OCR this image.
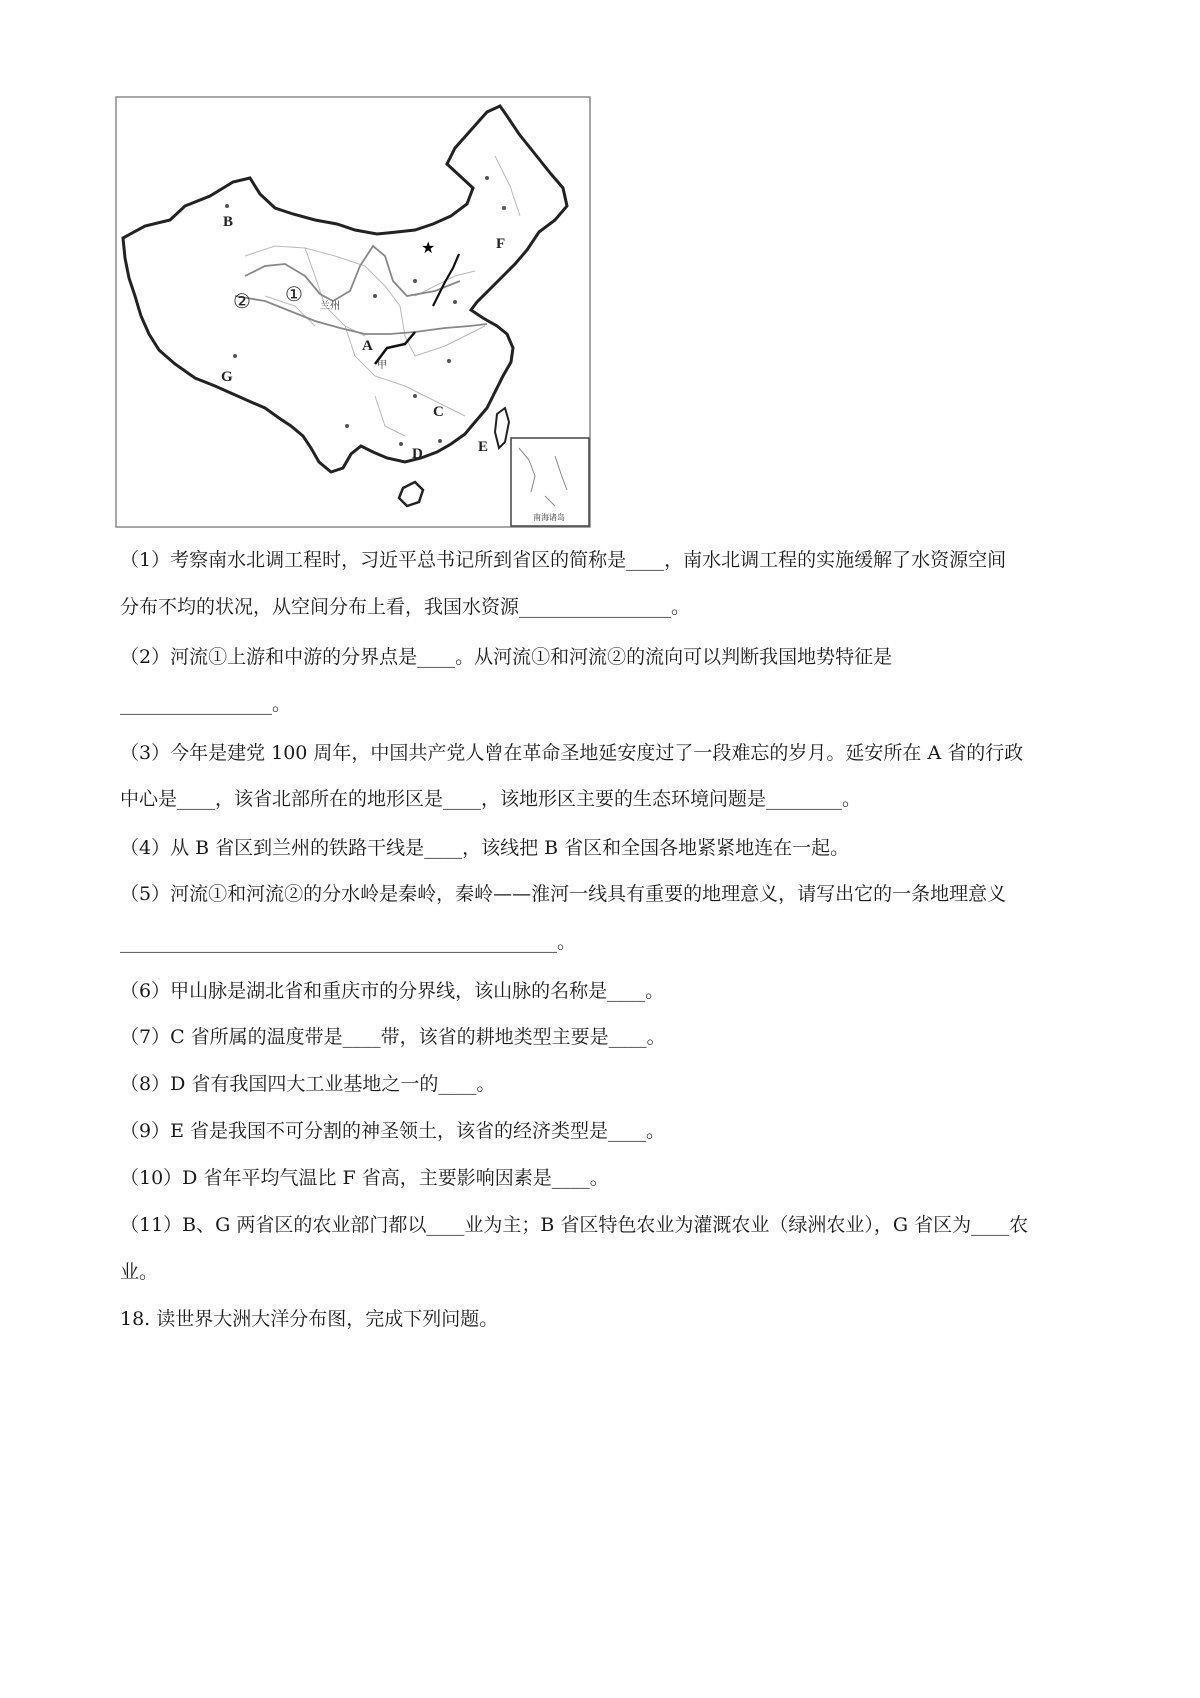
★
B
F
G
A
C
D	E
①
②	兰州
甲
南海诸岛
（1）考察南水北调工程时，习近平总书记所到省区的简称是____，南水北调工程的实施缓解了水资源空间
分布不均的状况，从空间分布上看，我国水资源________________。
（2）河流①上游和中游的分界点是____。从河流①和河流②的流向可以判断我国地势特征是
________________。
（3）今年是建党 100 周年，中国共产党人曾在革命圣地延安度过了一段难忘的岁月。延安所在 A 省的行政
中心是____，该省北部所在的地形区是____，该地形区主要的生态环境问题是________。
（4）从 B 省区到兰州的铁路干线是____，该线把 B 省区和全国各地紧紧地连在一起。
（5）河流①和河流②的分水岭是秦岭，秦岭——淮河一线具有重要的地理意义，请写出它的一条地理意义
______________________________________________。
（6）甲山脉是湖北省和重庆市的分界线，该山脉的名称是____。
（7）C 省所属的温度带是____带，该省的耕地类型主要是____。
（8）D 省有我国四大工业基地之一的____。
（9）E 省是我国不可分割的神圣领土，该省的经济类型是____。
（10）D 省年平均气温比 F 省高，主要影响因素是____。
（11）B、G 两省区的农业部门都以____业为主；B 省区特色农业为灌溉农业（绿洲农业），G 省区为____农
业。
18. 读世界大洲大洋分布图，完成下列问题。
